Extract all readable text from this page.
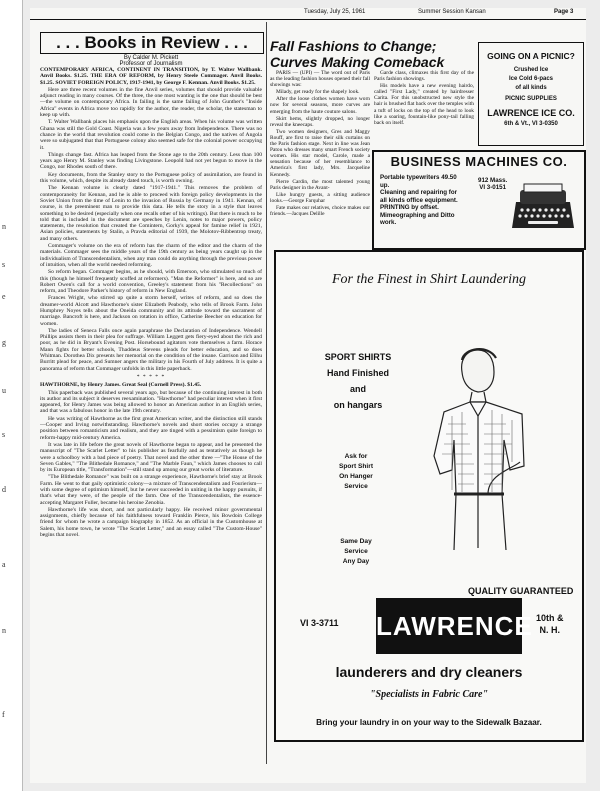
n
s
e
g
u
s
d
a
n
f
Tuesday, July 25, 1961	Summer Session Kansan	Page 3
. . . Books in Review . . .
By Calder M. Pickett
Professor of Journalism

CONTEMPORARY AFRICA, CONTINENT IN TRANSITION, by T. Walter Wallbank. Anvil Books. $1.25. THE ERA OF REFORM, by Henry Steele Commager. Anvil Books. $1.25. SOVIET FOREIGN POLICY, 1917-1941, by George F. Kennan. Anvil Books. $1.25.

Here are three recent volumes in the fine Anvil series, volumes that should provide valuable adjunct reading in many courses. Of the three, the one most wanting is the one that should be best—the volume on contemporary Africa. In failing is the same failing of John Gunther's "Inside Africa" events in Africa move too rapidly for the author, the reader, the scholar, the statesman to keep up with.

T. Walter Wallbank places his emphasis upon the English areas. When his volume was written Ghana was still the Gold Coast. Nigeria was a few years away from Independence. There was no chance in the world that revolution could come in the Belgian Congo, and the natives of Angola were so subjugated that that Portuguese colony also seemed safe for the colonial power occupying it.

Things change fast. Africa has leaped from the Stone age to the 20th century. Less than 100 years ago Henry M. Stanley was finding Livingstone. Leopold had not yet begun to move in the Congo, nor Rhodes south of there.

Key documents, from the Stanley story to the Portuguese policy of assimilation, are found in this volume, which, despite its already dated touch, is worth owning.

The Kennan volume is clearly dated "1917-1941." This removes the problem of contemporaneity for Kennan, and he is able to proceed with foreign policy developments in the Soviet Union from the time of Lenin to the invasion of Russia by Germany in 1941. Kennan, of course, is the preeminent man to provide this data. He tells the story in a style that leaves something to be desired (especially when one recalls other of his writings). But there is much to be told that is included in the document are speeches by Lenin, notes to major powers, policy statements, the resolution that created the Comintern, Gorky's appeal for famine relief in 1921, Asian policies, statements by Stalin, a Pravda editorial of 1939, the Molotov-Ribbentrop treaty, and many others.

Commager's volume on the era of reform has the charm of the editor and the charm of the materials. Commager sees the middle years of the 19th century as being years caught up in the individualism of Transcendentalism, when any man could do anything through the previous power of intuition, when all the world needed reforming.

So reform began. Commager begins, as he should, with Emerson, who stimulated so much of this (though he himself frequently scoffed at reformers). "Man the Reformer" is here, and so are Robert Owen's call for a world convention, Greeley's statement from his "Recollections" on reform, and Theodore Parker's history of reform in New England.

Frances Wright, who stirred up quite a storm herself, writes of reform, and so does the dreamer-world Alcott and Hawthorne's sister Elizabeth Peabody, who tells of Brook Farm. John Humphrey Noyes tells about the Oneida community and its attitude toward the sacrament of marriage. Bancroft is here, and Jackson on rotation in office, Catherine Beecher on education for women.

The ladies of Seneca Falls once again paraphrase the Declaration of Independence. Wendell Phillips assists them in their plea for suffrage. William Leggett gets fiery-eyed about the rich and poor, as he did in Bryant's Evening Post. Horsebound agitators vote themselves a farm. Horace Mann fights for better schools, Thaddeus Stevens pleads for better education, and so does Whitman. Dorothea Dix presents her memorial on the condition of the insane. Garrison and Elihu Burritt plead for peace, and Sumner angers the military in his Fourth of July address. It is quite a panorama of reform that Commager unfolds in this little paperback.

* * * * *

HAWTHORNE, by Henry James. Great Seal (Cornell Press). $1.45.

This paperback was published several years ago, but because of the continuing interest in both its author and its subject it deserves reexamination. "Hawthorne" had peculiar interest when it first appeared, for Henry James was being allowed to honor an American author in an English series, and that was a fabulous honor in the late 19th century.

He was writing of Hawthorne as the first great American writer, and the distinction still stands—Cooper and Irving notwithstanding. Hawthorne's novels and short stories occupy a strange position between romanticism and realism, and they are tinged with a pessimism quite foreign to reform-happy mid-century America.

It was late in life before the great novels of Hawthorne began to appear, and he presented the manuscript of "The Scarlet Letter" to his publisher as fearfully and as tentatively as though he were a schoolboy with a bad piece of poetry. That novel and the other three —"The House of the Seven Gables," "The Blithedale Romance," and "The Marble Faun," which James chooses to call by its European title, "Transformation"—still stand up among our great works of literature.

"The Blithedale Romance" was built on a strange experience, Hawthorne's brief stay at Brook Farm. He went to that gaily optimistic colony—a mixture of Transcendentalism and Fourierism—with some degree of optimism himself, but he never succeeded in uniting in the happy pursuits, if that's what they were, of the people of the farm. One of the Transcendentalists, the essence-accepting Margaret Fuller, became his heroine Zenobia.

Hawthorne's life was short, and not particularly happy. He received minor governmental assignments, chiefly because of his faithfulness toward Franklin Pierce, his Bowdoin College friend for whom he wrote a campaign biography in 1852. As an official in the Customhouse at Salem, his home town, he wrote "The Scarlet Letter," and an essay called "The Custom-House" begins that novel.

Fall Fashions to Change;
Curves Making Comeback

PARIS — (UPI) — The word out of Paris as the leading fashion houses opened their fall showings was:

Milady, get ready for the shapely look.

After the loose clothes women have worn now for several seasons, more curves are emerging from the haute couture salons.

Skirt hems, slightly dropped, no longer reveal the kneecaps.

Two women designers, Gres and Maggy Rouff, are first to raise their silk curtains on the Paris fashion stage. Next in line was Jean Patou who dresses many smart French society women. His star model, Carole, made a sensation because of her resemblance to America's first lady, Mrs. Jacqueline Kennedy.

Pierre Cardin, the most talented young Paris designer in the Avant-

Like hungry guests, a sitting audience looks.—George Farquhar

Fate makes our relatives, choice makes our friends.—Jacques Delille

Garde class, climaxes this first day of the Paris fashion showings.

His models have a new evening hairdo, called "First Lady," created by hairdresser Carita. For this unobstructed new style the hair is brushed flat back over the temples with a tuft of locks on the top of the head to look like a soaring, fountain-like pony-tail falling back on itself.

GOING ON A PICNIC?
Crushed Ice
Ice Cold 6-pacs
of all kinds
PICNIC SUPPLIES
LAWRENCE ICE CO.
6th & Vt., VI 3-0350
BUSINESS MACHINES CO.
Portable typewriters 49.50
up.
Cleaning and repairing for
all kinds office equipment.
PRINTING by offset.
Mimeographing and Ditto
work.
912 Mass.
VI 3-0151
For the Finest in Shirt Laundering
SPORT SHIRTS
Hand Finished
and
on hangars
Ask for
Sport Shirt
On Hanger
Service
Same Day
Service
Any Day
QUALITY GUARANTEED
LAWRENCE
VI 3-3711	10th &
N. H.
launderers and dry cleaners
"Specialists in Fabric Care"
Bring your laundry in on your way to the Sidewalk Bazaar.
